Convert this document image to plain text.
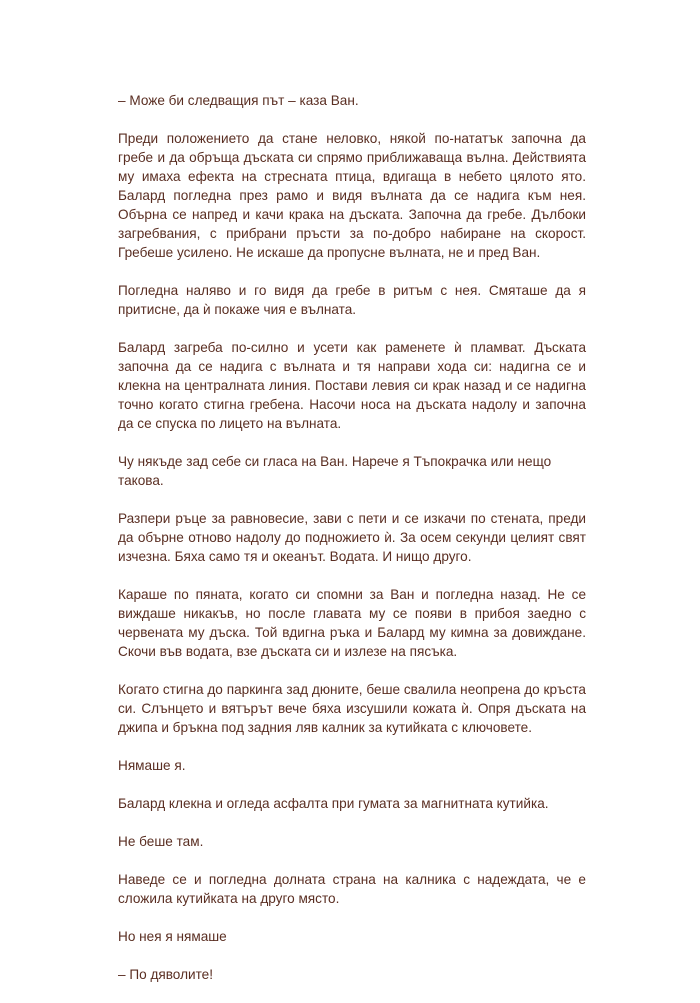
– Може би следващия път – каза Ван.

Преди положението да стане неловко, някой по-нататък започна да гребе и да обръща дъската си спрямо приближаваща вълна. Действията му имаха ефекта на стресната птица, вдигаща в небето цялото ято. Балард погледна през рамо и видя вълната да се надига към нея. Обърна се напред и качи крака на дъската. Започна да гребе. Дълбоки загребвания, с прибрани пръсти за по-добро набиране на скорост. Гребеше усилено. Не искаше да пропусне вълната, не и пред Ван.

Погледна наляво и го видя да гребе в ритъм с нея. Смяташе да я притисне, да ѝ покаже чия е вълната.

Балард загреба по-силно и усети как раменете ѝ пламват. Дъската започна да се надига с вълната и тя направи хода си: надигна се и клекна на централната линия. Постави левия си крак назад и се надигна точно когато стигна гребена. Насочи носа на дъската надолу и започна да се спуска по лицето на вълната.

Чу някъде зад себе си гласа на Ван. Нарече я Тъпокрачка или нещо такова.

Разпери ръце за равновесие, зави с пети и се изкачи по стената, преди да обърне отново надолу до подножието ѝ. За осем секунди целият свят изчезна. Бяха само тя и океанът. Водата. И нищо друго.

Караше по пяната, когато си спомни за Ван и погледна назад. Не се виждаше никакъв, но после главата му се появи в прибоя заедно с червената му дъска. Той вдигна ръка и Балард му кимна за довиждане. Скочи във водата, взе дъската си и излезе на пясъка.

Когато стигна до паркинга зад дюните, беше свалила неопрена до кръста си. Слънцето и вятърът вече бяха изсушили кожата ѝ. Опря дъската на джипа и бръкна под задния ляв калник за кутийката с ключовете.

Нямаше я.

Балард клекна и огледа асфалта при гумата за магнитната кутийка.

Не беше там.

Наведе се и погледна долната страна на калника с надеждата, че е сложила кутийката на друго място.

Но нея я нямаше

– По дяволите!
